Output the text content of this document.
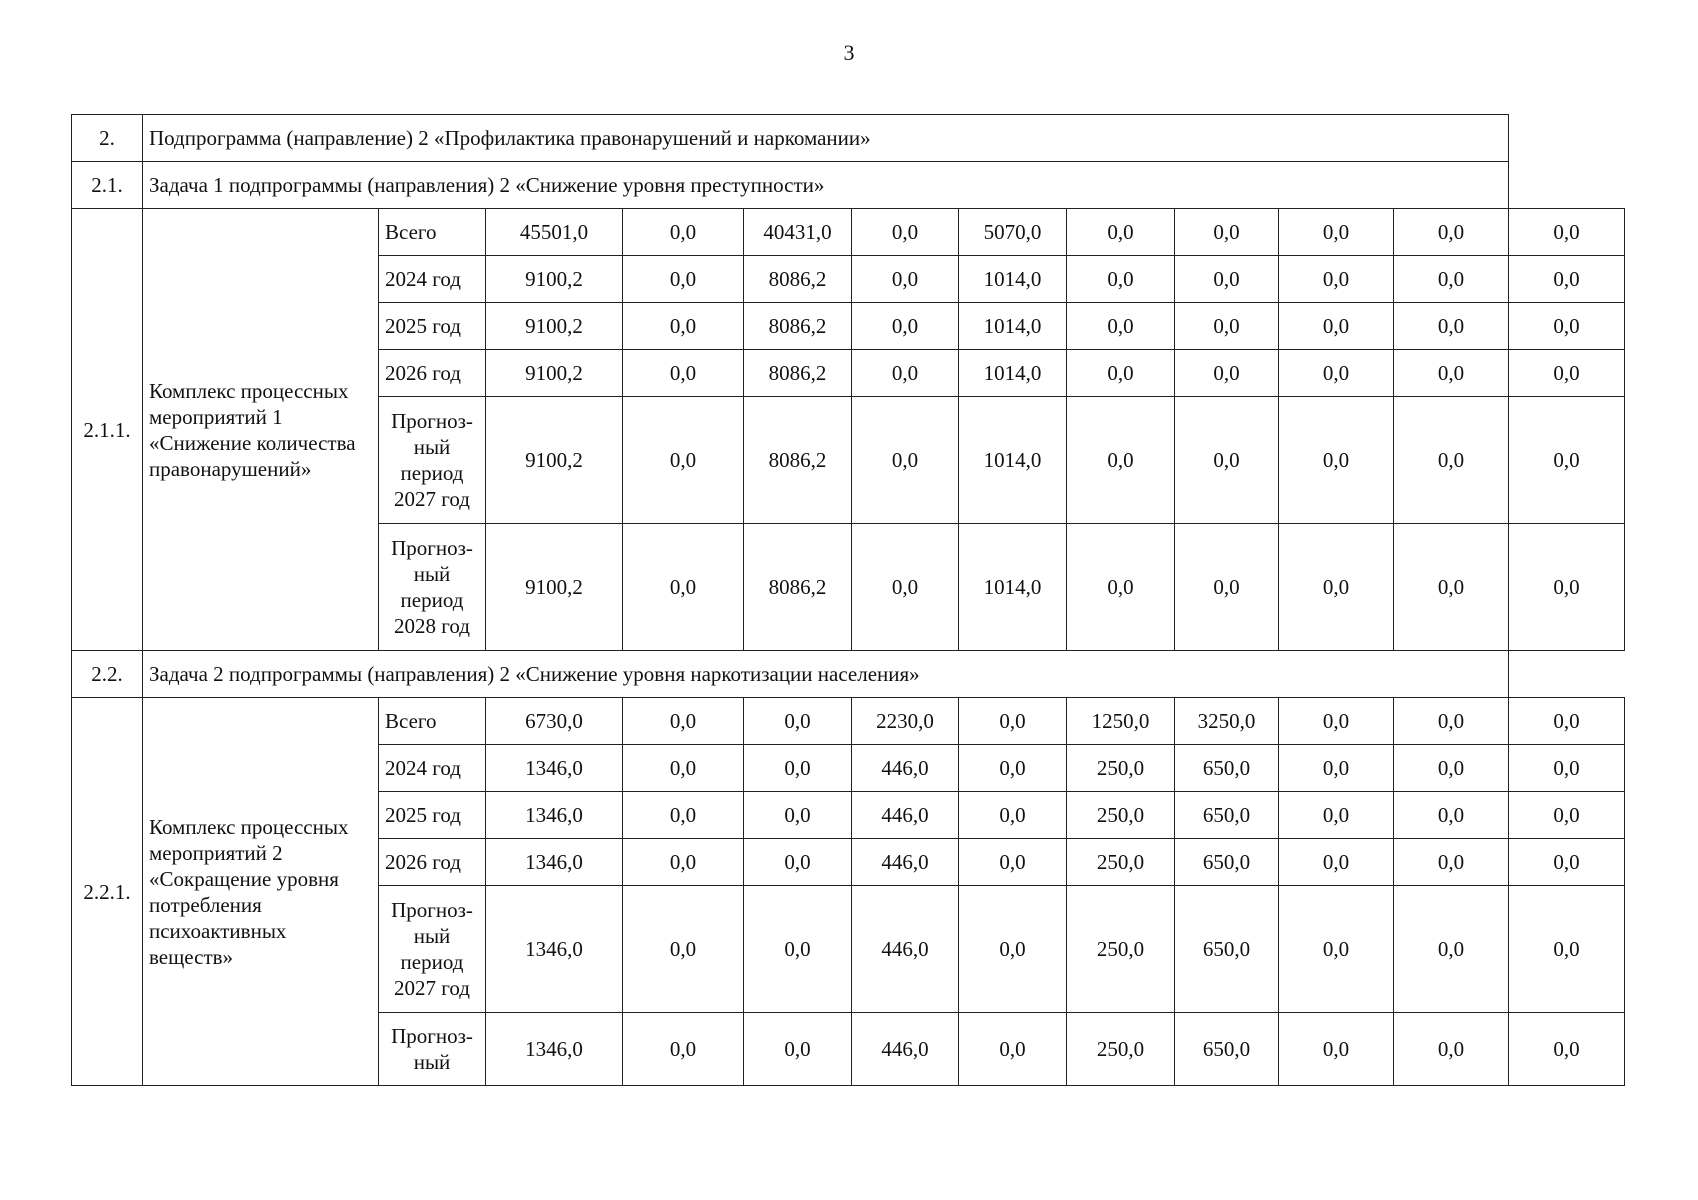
3
2.	Подпрограмма (направление) 2 «Профилактика правонарушений и наркомании»											
2.1.	Задача 1 подпрограммы (направления) 2 «Снижение уровня преступности»											
2.1.1.	Комплекс процессных мероприятий 1 «Снижение количества правонарушений»	Всего	45501,0	0,0	40431,0	0,0	5070,0	0,0	0,0	0,0	0,0	0,0
		2024 год	9100,2	0,0	8086,2	0,0	1014,0	0,0	0,0	0,0	0,0	0,0
		2025 год	9100,2	0,0	8086,2	0,0	1014,0	0,0	0,0	0,0	0,0	0,0
		2026 год	9100,2	0,0	8086,2	0,0	1014,0	0,0	0,0	0,0	0,0	0,0
		Прогноз-ный период 2027 год	9100,2	0,0	8086,2	0,0	1014,0	0,0	0,0	0,0	0,0	0,0
		Прогноз-ный период 2028 год	9100,2	0,0	8086,2	0,0	1014,0	0,0	0,0	0,0	0,0	0,0
2.2.	Задача 2 подпрограммы (направления) 2 «Снижение уровня наркотизации населения»											
2.2.1.	Комплекс процессных мероприятий 2 «Сокращение уровня потребления психоактивных веществ»	Всего	6730,0	0,0	0,0	2230,0	0,0	1250,0	3250,0	0,0	0,0	0,0
		2024 год	1346,0	0,0	0,0	446,0	0,0	250,0	650,0	0,0	0,0	0,0
		2025 год	1346,0	0,0	0,0	446,0	0,0	250,0	650,0	0,0	0,0	0,0
		2026 год	1346,0	0,0	0,0	446,0	0,0	250,0	650,0	0,0	0,0	0,0
		Прогноз-ный период 2027 год	1346,0	0,0	0,0	446,0	0,0	250,0	650,0	0,0	0,0	0,0
		Прогноз-ный	1346,0	0,0	0,0	446,0	0,0	250,0	650,0	0,0	0,0	0,0
